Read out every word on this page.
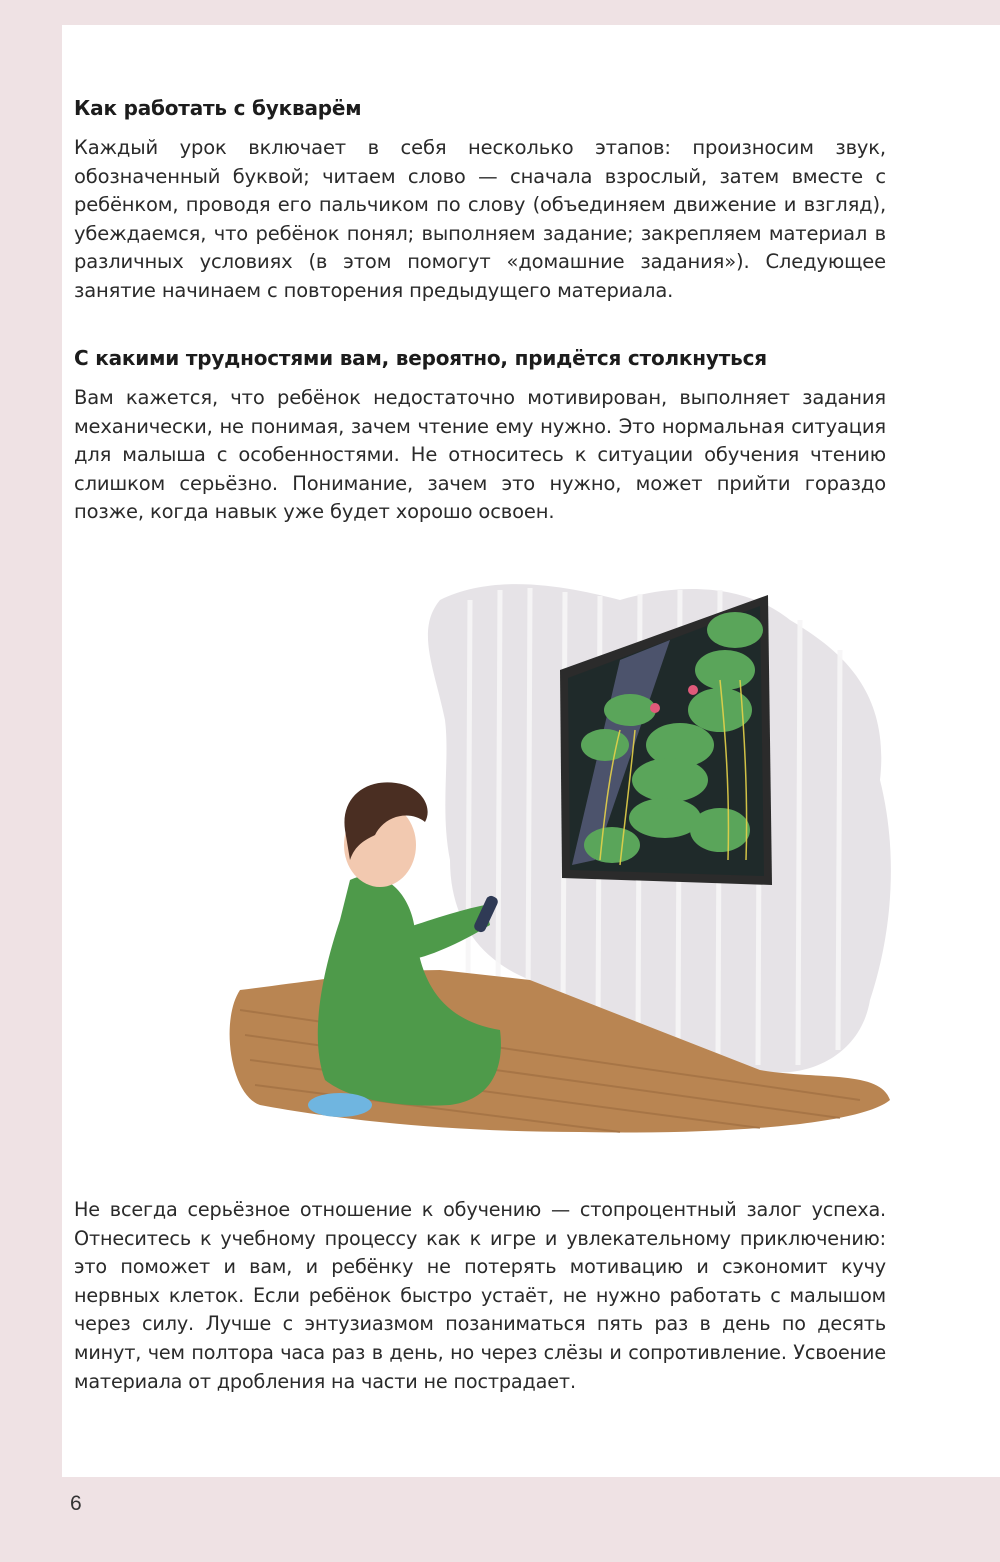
Как работать с букварём

Каждый урок включает в себя несколько этапов: произносим звук, обозначенный буквой; читаем слово — сначала взрослый, затем вместе с ребёнком, проводя его пальчиком по слову (объединяем движение и взгляд), убеждаемся, что ребёнок понял; выполняем задание; закрепляем материал в различных условиях (в этом помогут «домашние задания»). Следующее занятие начинаем с повторения предыдущего материала.

С какими трудностями вам, вероятно, придётся столкнуться

Вам кажется, что ребёнок недостаточно мотивирован, выполняет задания механически, не понимая, зачем чтение ему нужно. Это нормальная ситуация для малыша с особенностями. Не относитесь к ситуации обучения чтению слишком серьёзно. Понимание, зачем это нужно, может прийти гораздо позже, когда навык уже будет хорошо освоен.

Не всегда серьёзное отношение к обучению — стопроцентный залог успеха. Отнеситесь к учебному процессу как к игре и увлекательному приключению: это поможет и вам, и ребёнку не потерять мотивацию и сэкономит кучу нервных клеток. Если ребёнок быстро устаёт, не нужно работать с малышом через силу. Лучше с энтузиазмом позаниматься пять раз в день по десять минут, чем полтора часа раз в день, но через слёзы и сопротивление. Усвоение материала от дробления на части не пострадает.

6
